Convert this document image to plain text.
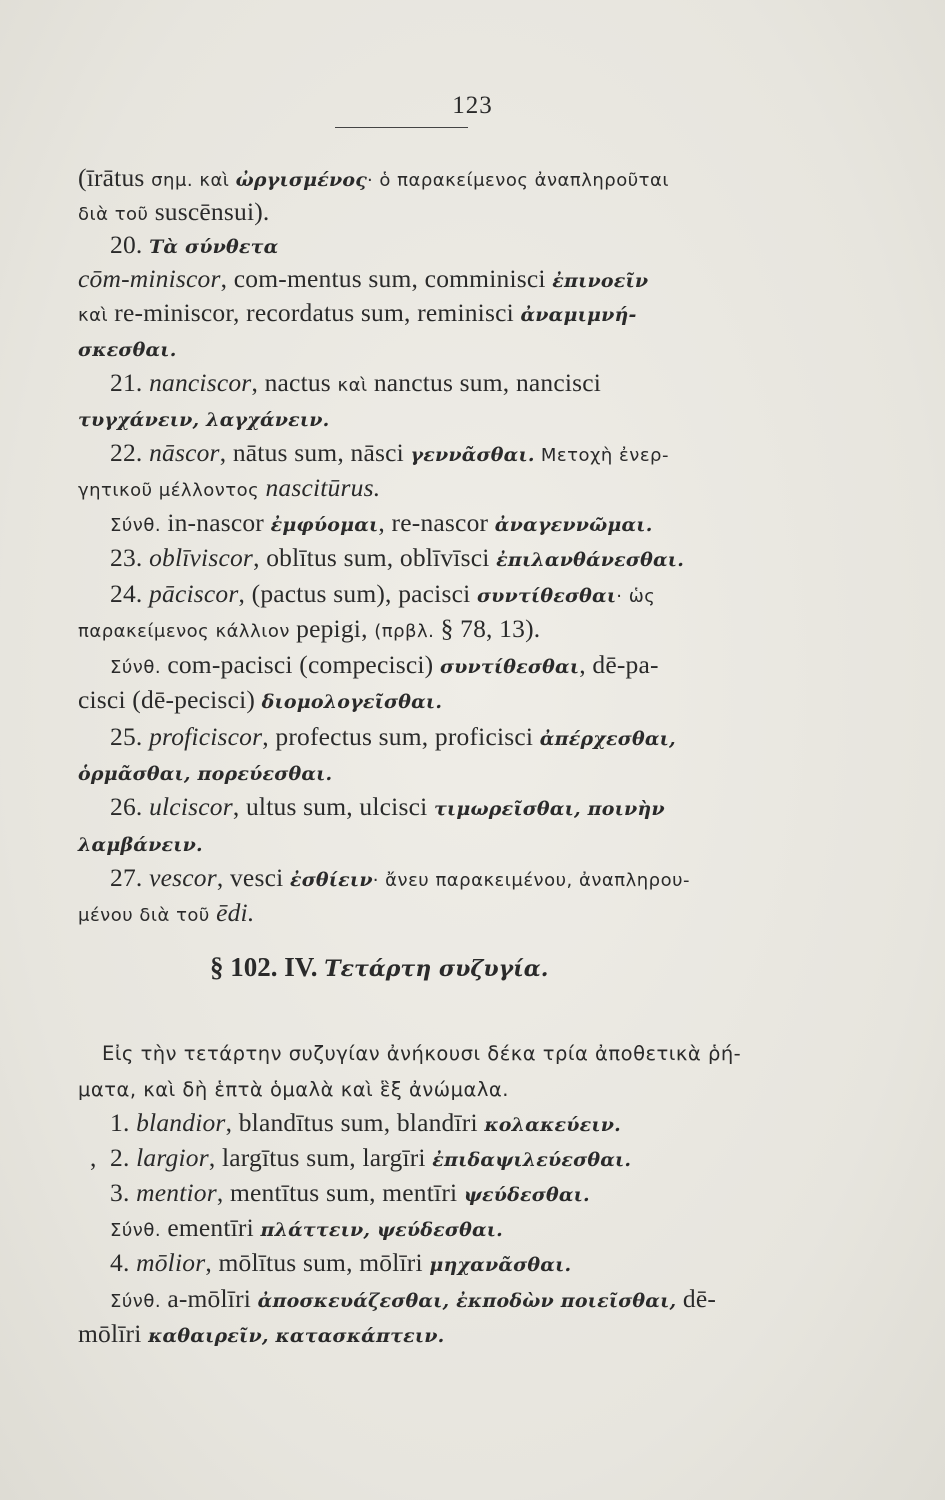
123
(īrātus σημ. καὶ ὠργισμένος· ὁ παρακείμενος ἀναπληροῦται
διὰ τοῦ suscēnsui).
20. Τὰ σύνθετα
cōm-miniscor, com-mentus sum, comminisci ἐπινοεῖν
καὶ re-miniscor, recordatus sum, reminisci ἀναμιμνή-
σκεσθαι.
21. nanciscor, nactus καὶ nanctus sum, nancisci
τυγχάνειν, λαγχάνειν.
22. nāscor, nātus sum, nāsci γεννᾶσθαι. Μετοχὴ ἐνερ-
γητικοῦ μέλλοντος nascitūrus.
Σύνθ. in-nascor ἐμφύομαι, re-nascor ἀναγεννῶμαι.
23. oblīviscor, oblītus sum, oblīvīsci ἐπιλανθάνεσθαι.
24. pāciscor, (pactus sum), pacisci συντίθεσθαι· ὡς
παρακείμενος κάλλιον pepigi, (πρβλ. § 78, 13).
Σύνθ. com-pacisci (compecisci) συντίθεσθαι, dē-pa-
cisci (dē-pecisci) διομολογεῖσθαι.
25. proficiscor, profectus sum, proficisci ἀπέρχεσθαι,
ὁρμᾶσθαι, πορεύεσθαι.
26. ulciscor, ultus sum, ulcisci τιμωρεῖσθαι, ποινὴν
λαμβάνειν.
27. vescor, vesci ἐσθίειν· ἄνευ παρακειμένου, ἀναπληρου-
μένου διὰ τοῦ ēdi.
§ 102. IV. Τετάρτη συζυγία.
Εἰς τὴν τετάρτην συζυγίαν ἀνήκουσι δέκα τρία ἀποθετικὰ ῥή-
ματα, καὶ δὴ ἑπτὰ ὁμαλὰ καὶ ἓξ ἀνώμαλα.
1. blandior, blandītus sum, blandīri κολακεύειν.
, 2. largior, largītus sum, largīri ἐπιδαψιλεύεσθαι.
3. mentior, mentītus sum, mentīri ψεύδεσθαι.
Σύνθ. ementīri πλάττειν, ψεύδεσθαι.
4. mōlior, mōlītus sum, mōlīri μηχανᾶσθαι.
Σύνθ. a-mōlīri ἀποσκευάζεσθαι, ἐκποδὼν ποιεῖσθαι, dē-
mōlīri καθαιρεῖν, κατασκάπτειν.
